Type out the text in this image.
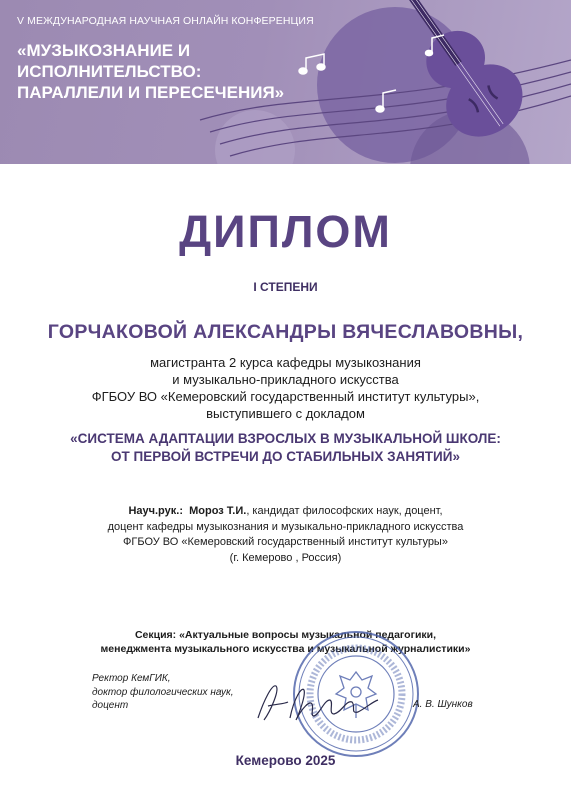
V МЕЖДУНАРОДНАЯ НАУЧНАЯ ОНЛАЙН КОНФЕРЕНЦИЯ
«МУЗЫКОЗНАНИЕ И
ИСПОЛНИТЕЛЬСТВО:
ПАРАЛЛЕЛИ И ПЕРЕСЕЧЕНИЯ»
ДИПЛОМ
I СТЕПЕНИ
ГОРЧАКОВОЙ АЛЕКСАНДРЫ ВЯЧЕСЛАВОВНЫ,
магистранта 2 курса кафедры музыкознания
и музыкально-прикладного искусства
ФГБОУ ВО «Кемеровский государственный институт культуры»,
выступившего с докладом
«СИСТЕМА АДАПТАЦИИ ВЗРОСЛЫХ В МУЗЫКАЛЬНОЙ ШКОЛЕ:
ОТ ПЕРВОЙ ВСТРЕЧИ ДО СТАБИЛЬНЫХ ЗАНЯТИЙ»
Науч.рук.: Мороз Т.И., кандидат философских наук, доцент,
доцент кафедры музыкознания и музыкально-прикладного искусства
ФГБОУ ВО «Кемеровский государственный институт культуры»
(г. Кемерово , Россия)
Секция: «Актуальные вопросы музыкальной педагогики,
менеджмента музыкального искусства и музыкальной журналистики»
Ректор КемГИК,
доктор филологических наук,
доцент	А. В. Шунков
Кемерово 2025
